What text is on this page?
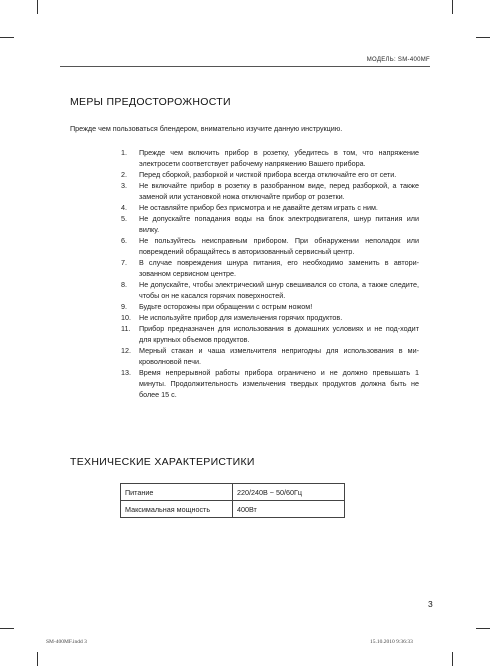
МОДЕЛЬ: SM-400MF
МЕРЫ ПРЕДОСТОРОЖНОСТИ
Прежде чем пользоваться блендером, внимательно изучите данную инструкцию.
1. Прежде чем включить прибор в розетку, убедитесь в том, что напряжение электросети соответствует рабочему напряжению Вашего прибора.
2. Перед сборкой, разборкой и чисткой прибора всегда отключайте его от сети.
3. Не включайте прибор в розетку в разобранном виде, перед разборкой, а также заменой или установкой ножа отключайте прибор от розетки.
4. Не оставляйте прибор без присмотра и не давайте детям играть с ним.
5. Не допускайте попадания воды на блок электродвигателя, шнур питания или вилку.
6. Не пользуйтесь неисправным прибором. При обнаружении неполадок или повреждений обращайтесь в авторизованный сервисный центр.
7. В случае повреждения шнура питания, его необходимо заменить в автори-зованном сервисном центре.
8. Не допускайте, чтобы электрический шнур свешивался со стола, а также следите, чтобы он не касался горячих поверхностей.
9. Будьте осторожны при обращении с острым ножом!
10. Не используйте прибор для измельчения горячих продуктов.
11. Прибор предназначен для использования в домашних условиях и не под-ходит для крупных объемов продуктов.
12. Мерный стакан и чаша измельчителя непригодны для использования в ми-кроволновой печи.
13. Время непрерывной работы прибора ограничено и не должно превышать 1 минуты. Продолжительность измельчения твердых продуктов должна быть не более 15 с.
ТЕХНИЧЕСКИЕ ХАРАКТЕРИСТИКИ
Питание	220/240В ~ 50/60Гц
Максимальная мощность	400Вт
3
SM-400MF.indd 3	15.10.2010 9:36:33
